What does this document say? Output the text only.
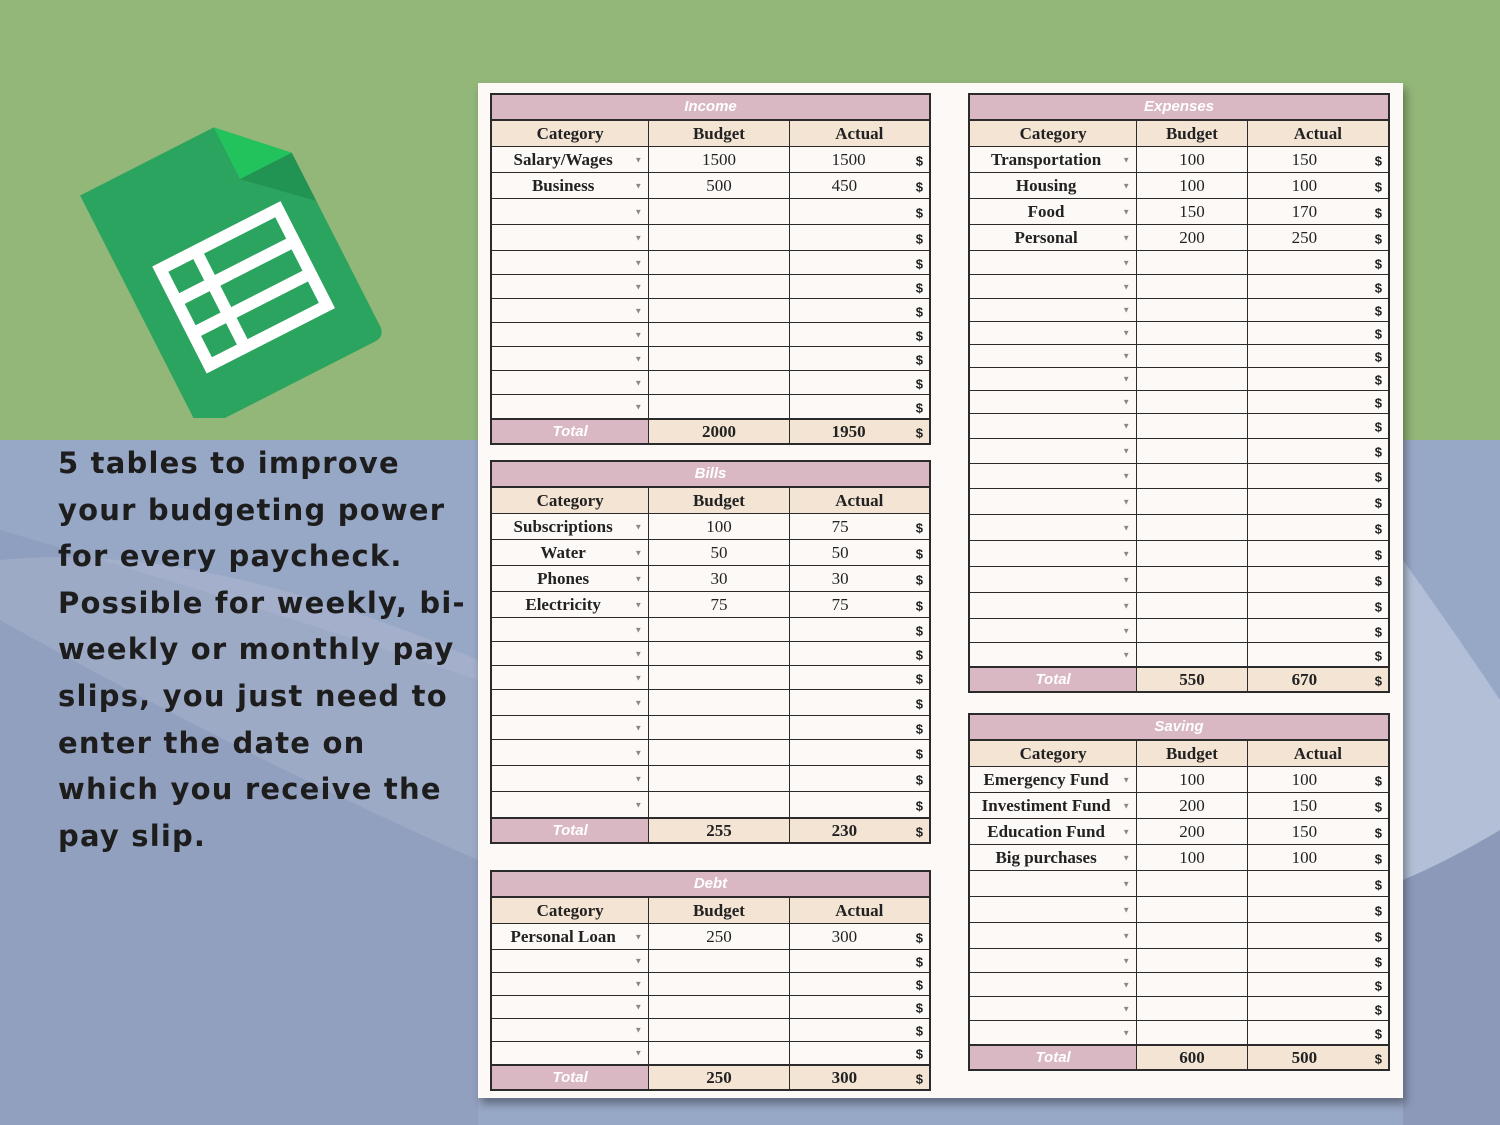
5 tables to improve your budgeting power for every paycheck. Possible for weekly, bi-weekly or monthly pay slips, you just need to enter the date on which you receive the pay slip.

Income
Category	Budget	Actual
Salary/Wages	▼	1500	1500	$
Business	▼	500	450	$
▼	$
▼	$
▼	$
▼	$
▼	$
▼	$
▼	$
▼	$
▼	$
Total	2000	1950	$
Bills
Category	Budget	Actual
Subscriptions	▼	100	75	$
Water	▼	50	50	$
Phones	▼	30	30	$
Electricity	▼	75	75	$
▼	$
▼	$
▼	$
▼	$
▼	$
▼	$
▼	$
▼	$
Total	255	230	$
Debt
Category	Budget	Actual
Personal Loan ▼	250	300	$
▼	$
▼	$
▼	$
▼	$
▼	$
Total	250	300	$
Expenses
Category	Budget	Actual
Transportation	▼	100	150	$
Housing	▼	100	100	$
Food	▼	150	170	$
Personal	▼	200	250	$
▼	$
▼	$
▼	$
▼	$
▼	$
▼	$
▼	$
▼	$
▼	$
▼	$
▼	$
▼	$
▼	$
▼	$
▼	$
▼	$
▼	$
Total	550	670	$
Saving
Category	Budget	Actual
Emergency Fund ▼	100	100	$
Investiment Fund ▼	200	150	$
Education Fund ▼	200	150	$
Big purchases	▼	100	100	$
▼	$
▼	$
▼	$
▼	$
▼	$
▼	$
▼	$
Total	600	500	$
